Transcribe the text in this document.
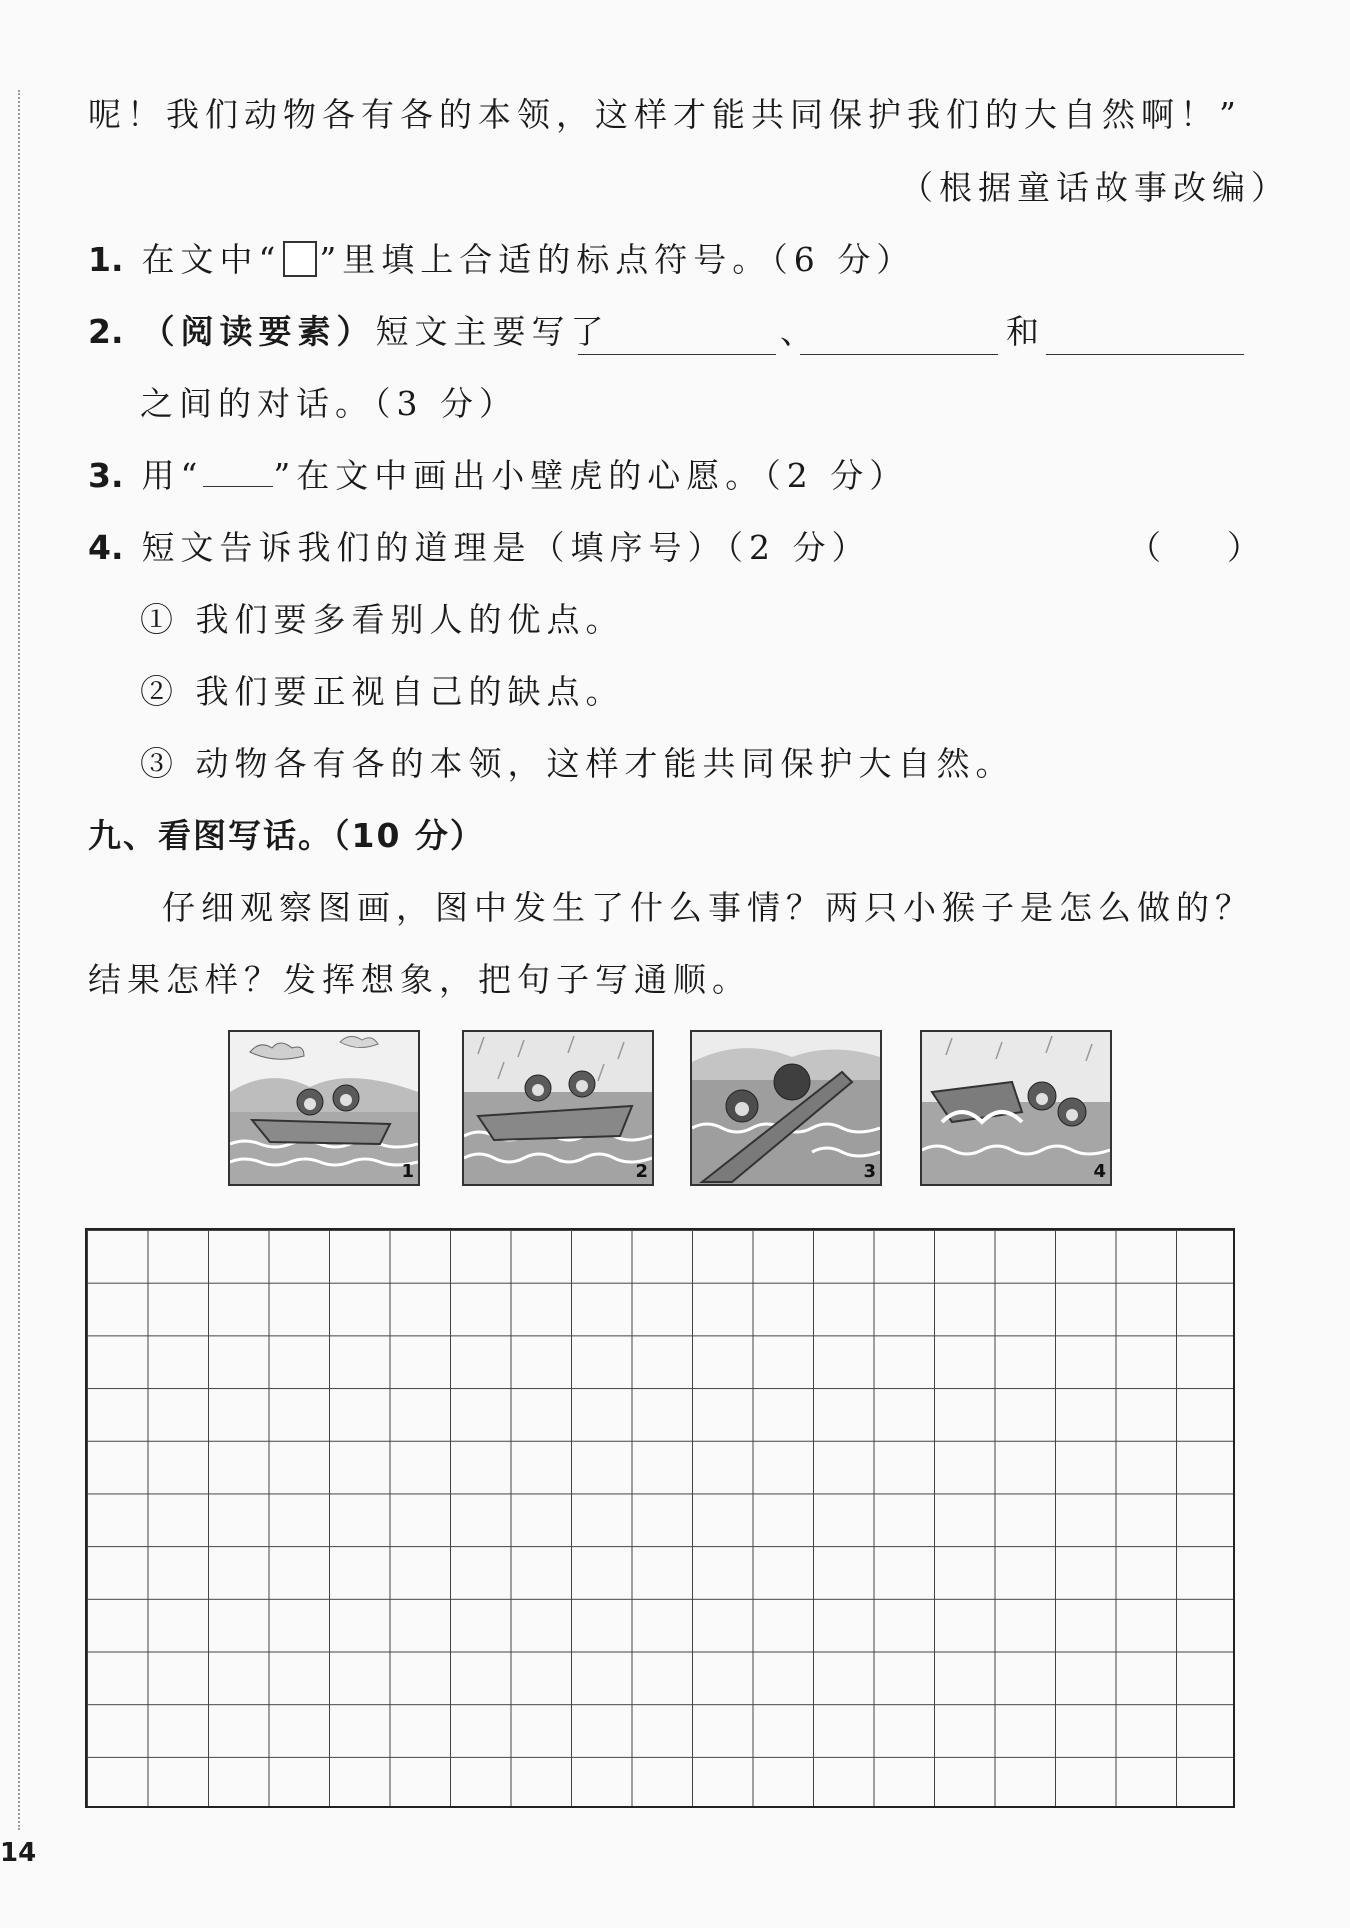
呢！我们动物各有各的本领，这样才能共同保护我们的大自然啊！”
（根据童话故事改编）
1. 在文中“ ”里填上合适的标点符号。（6 分）
2. （阅读要素）短文主要写了	、	和
之间的对话。（3 分）
3. 用“ ”在文中画出小壁虎的心愿。（2 分）
4. 短文告诉我们的道理是（填序号）（2 分）	（　　）
① 我们要多看别人的优点。
② 我们要正视自己的缺点。
③ 动物各有各的本领，这样才能共同保护大自然。
九、看图写话。（10 分）
仔细观察图画，图中发生了什么事情？两只小猴子是怎么做的？
结果怎样？发挥想象，把句子写通顺。
1	2	3	4
14
